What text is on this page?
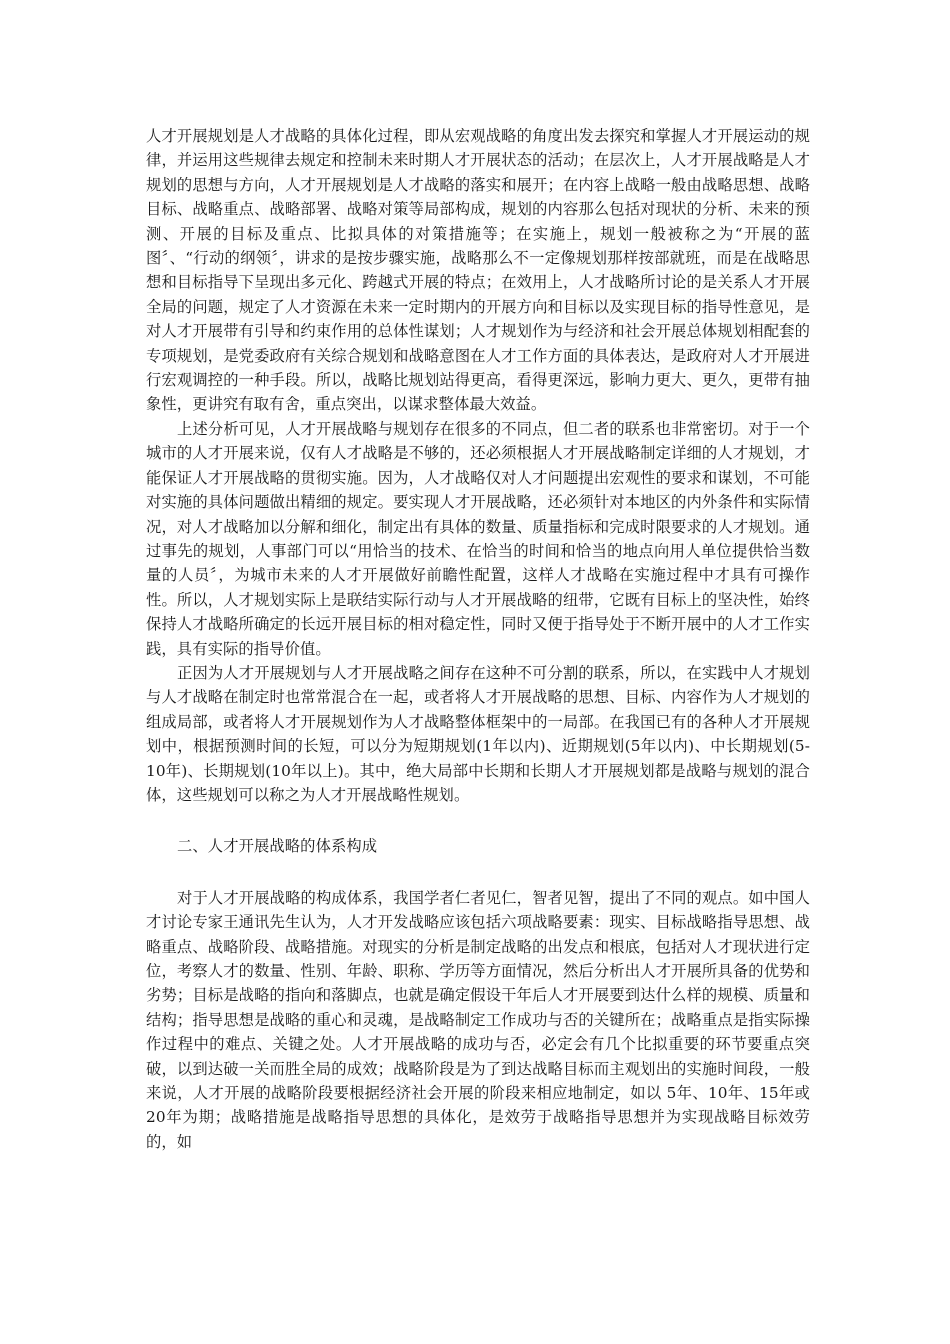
人才开展规划是人才战略的具体化过程，即从宏观战略的角度出发去探究和掌握人才开展运动的规律，并运用这些规律去规定和控制未来时期人才开展状态的活动；在层次上，人才开展战略是人才规划的思想与方向，人才开展规划是人才战略的落实和展开；在内容上战略一般由战略思想、战略目标、战略重点、战略部署、战略对策等局部构成，规划的内容那么包括对现状的分析、未来的预测、开展的目标及重点、比拟具体的对策措施等；在实施上，规划一般被称之为“开展的蓝图〞、“行动的纲领〞，讲求的是按步骤实施，战略那么不一定像规划那样按部就班，而是在战略思想和目标指导下呈现出多元化、跨越式开展的特点；在效用上，人才战略所讨论的是关系人才开展全局的问题，规定了人才资源在未来一定时期内的开展方向和目标以及实现目标的指导性意见，是对人才开展带有引导和约束作用的总体性谋划；人才规划作为与经济和社会开展总体规划相配套的专项规划，是党委政府有关综合规划和战略意图在人才工作方面的具体表达，是政府对人才开展进行宏观调控的一种手段。所以，战略比规划站得更高，看得更深远，影响力更大、更久，更带有抽象性，更讲究有取有舍，重点突出，以谋求整体最大效益。

上述分析可见，人才开展战略与规划存在很多的不同点，但二者的联系也非常密切。对于一个城市的人才开展来说，仅有人才战略是不够的，还必须根据人才开展战略制定详细的人才规划，才能保证人才开展战略的贯彻实施。因为，人才战略仅对人才问题提出宏观性的要求和谋划，不可能对实施的具体问题做出精细的规定。要实现人才开展战略，还必须针对本地区的内外条件和实际情况，对人才战略加以分解和细化，制定出有具体的数量、质量指标和完成时限要求的人才规划。通过事先的规划，人事部门可以“用恰当的技术、在恰当的时间和恰当的地点向用人单位提供恰当数量的人员〞，为城市未来的人才开展做好前瞻性配置，这样人才战略在实施过程中才具有可操作性。所以，人才规划实际上是联结实际行动与人才开展战略的纽带，它既有目标上的坚决性，始终保持人才战略所确定的长远开展目标的相对稳定性，同时又便于指导处于不断开展中的人才工作实践，具有实际的指导价值。

正因为人才开展规划与人才开展战略之间存在这种不可分割的联系，所以，在实践中人才规划与人才战略在制定时也常常混合在一起，或者将人才开展战略的思想、目标、内容作为人才规划的组成局部，或者将人才开展规划作为人才战略整体框架中的一局部。在我国已有的各种人才开展规划中，根据预测时间的长短，可以分为短期规划(1年以内)、近期规划(5年以内)、中长期规划(5-10年)、长期规划(10年以上)。其中，绝大局部中长期和长期人才开展规划都是战略与规划的混合体，这些规划可以称之为人才开展战略性规划。

二、人才开展战略的体系构成

对于人才开展战略的构成体系，我国学者仁者见仁，智者见智，提出了不同的观点。如中国人才讨论专家王通讯先生认为，人才开发战略应该包括六项战略要素：现实、目标战略指导思想、战略重点、战略阶段、战略措施。对现实的分析是制定战略的出发点和根底，包括对人才现状进行定位，考察人才的数量、性别、年龄、职称、学历等方面情况，然后分析出人才开展所具备的优势和劣势；目标是战略的指向和落脚点，也就是确定假设干年后人才开展要到达什么样的规模、质量和结构；指导思想是战略的重心和灵魂，是战略制定工作成功与否的关键所在；战略重点是指实际操作过程中的难点、关键之处。人才开展战略的成功与否，必定会有几个比拟重要的环节要重点突破，以到达破一关而胜全局的成效；战略阶段是为了到达战略目标而主观划出的实施时间段，一般来说，人才开展的战略阶段要根据经济社会开展的阶段来相应地制定，如以 5年、10年、15年或20年为期；战略措施是战略指导思想的具体化，是效劳于战略指导思想并为实现战略目标效劳的，如
